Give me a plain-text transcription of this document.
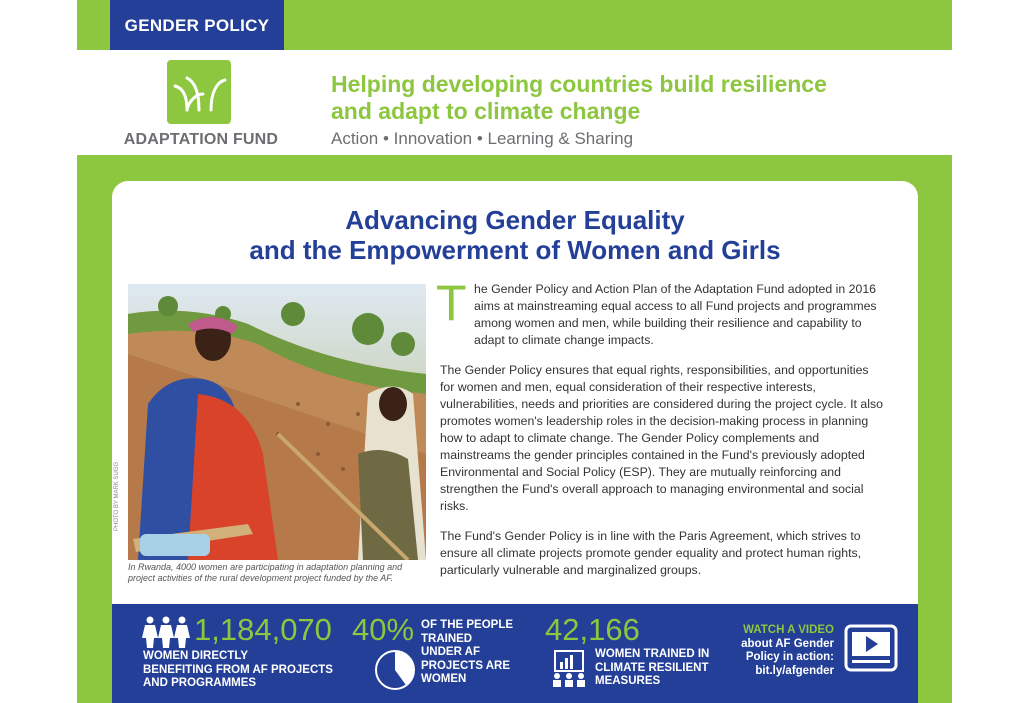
GENDER POLICY
ADAPTATION FUND
Helping developing countries build resilience
and adapt to climate change
Action • Innovation • Learning & Sharing
Advancing Gender Equality
and the Empowerment of Women and Girls
PHOTO BY MARK SUGG
In Rwanda, 4000 women are participating in adaptation planning and project activities of the rural development project funded by the AF.

T he Gender Policy and Action Plan of the Adaptation Fund adopted in 2016 aims at mainstreaming equal access to all Fund projects and programmes among women and men, while building their resilience and capability to adapt to climate change impacts.

The Gender Policy ensures that equal rights, responsibilities, and opportunities for women and men, equal consideration of their respective interests, vulnerabilities, needs and priorities are considered during the project cycle. It also promotes women's leadership roles in the decision-making process in planning how to adapt to climate change. The Gender Policy complements and mainstreams the gender principles contained in the Fund's previously adopted Environmental and Social Policy (ESP). They are mutually reinforcing and strengthen the Fund's overall approach to managing environmental and social risks.

The Fund's Gender Policy is in line with the Paris Agreement, which strives to ensure all climate projects promote gender equality and protect human rights, particularly vulnerable and marginalized groups.

1,184,070
WOMEN DIRECTLY
BENEFITING FROM AF PROJECTS
AND PROGRAMMES
40% OF THE PEOPLE
TRAINED
UNDER AF
PROJECTS ARE
WOMEN
42,166
WOMEN TRAINED IN
CLIMATE RESILIENT
MEASURES
WATCH A VIDEO
about AF Gender
Policy in action:
bit.ly/afgender
